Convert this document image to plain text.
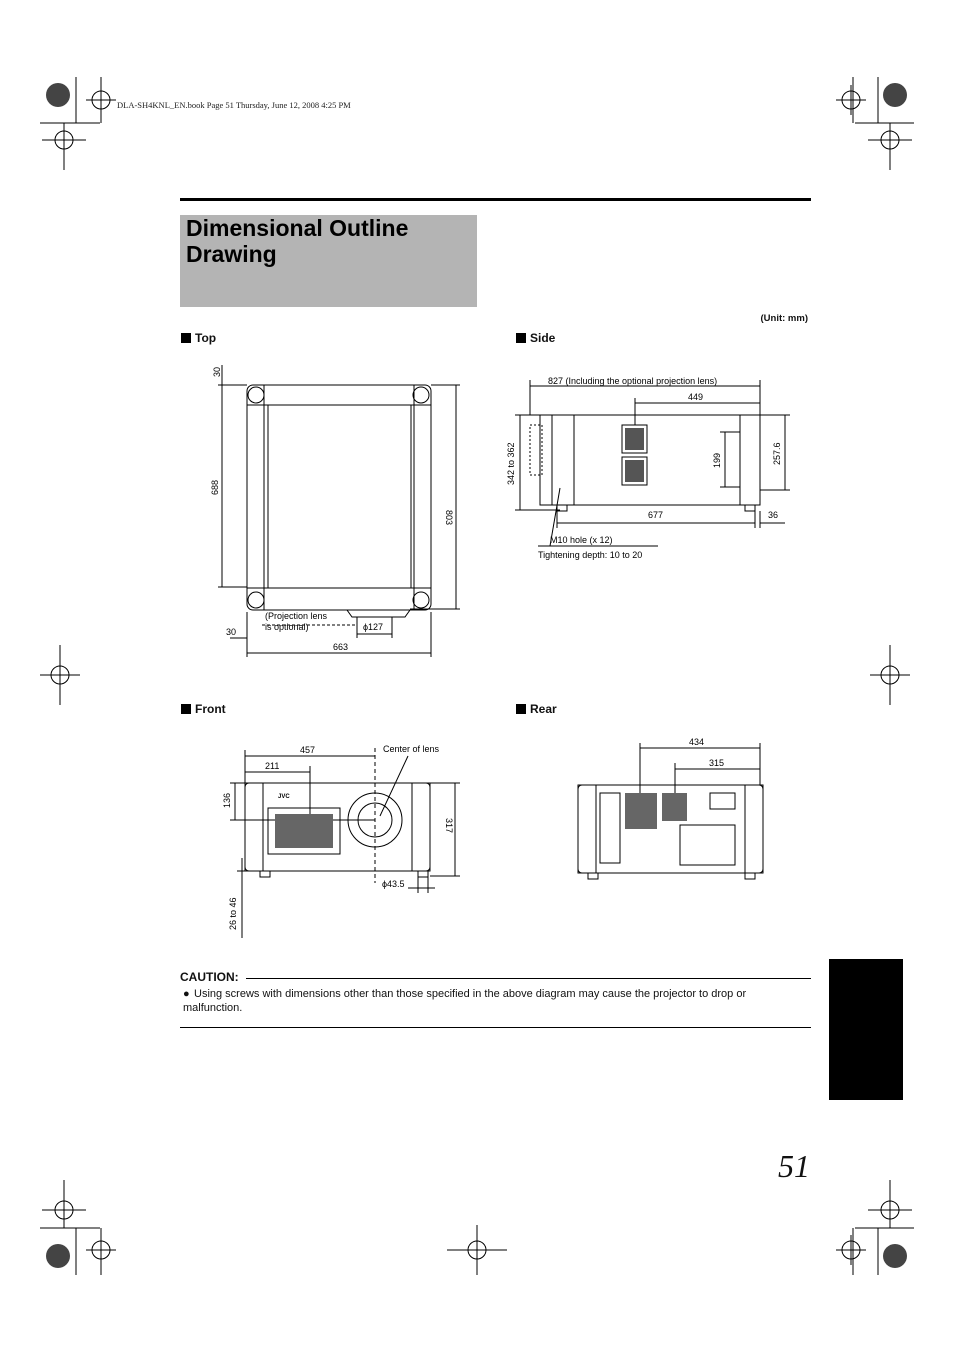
DLA-SH4KNL_EN.book Page 51 Thursday, June 12, 2008 4:25 PM
Dimensional Outline Drawing
(Unit: mm)
Top	Side
Front	Rear
30
688
803
30
663
(Projection lens
is optional)	ϕ127
827 (Including the optional projection lens)
449
342 to 362	199	257.6
677	36
M10 hole (x 12)
Tightening depth: 10 to 20
457	Center of lens
211
136
317
ϕ43.5
26 to 46
JVC
434
315
CAUTION:
● Using screws with dimensions other than those specified in the above diagram may cause the projector to drop or malfunction.
51
